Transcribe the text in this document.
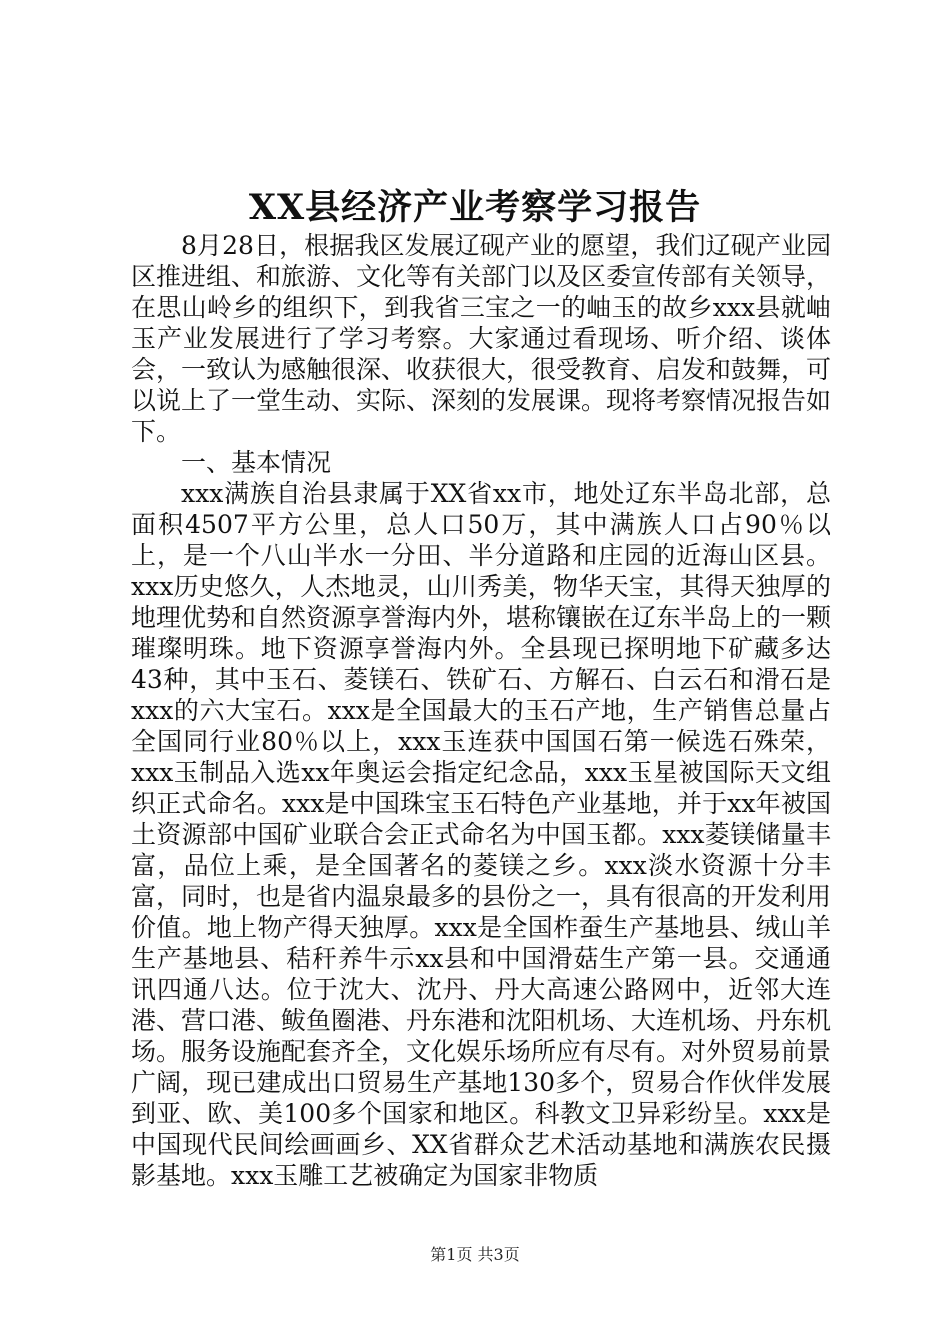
XX县经济产业考察学习报告

8月28日，根据我区发展辽砚产业的愿望，我们辽砚产业园区推进组、和旅游、文化等有关部门以及区委宣传部有关领导，在思山岭乡的组织下，到我省三宝之一的岫玉的故乡xxx县就岫玉产业发展进行了学习考察。大家通过看现场、听介绍、谈体会，一致认为感触很深、收获很大，很受教育、启发和鼓舞，可以说上了一堂生动、实际、深刻的发展课。现将考察情况报告如下。

一、基本情况

xxx满族自治县隶属于XX省xx市，地处辽东半岛北部，总面积4507平方公里，总人口50万，其中满族人口占90％以上，是一个八山半水一分田、半分道路和庄园的近海山区县。xxx历史悠久，人杰地灵，山川秀美，物华天宝，其得天独厚的地理优势和自然资源享誉海内外，堪称镶嵌在辽东半岛上的一颗璀璨明珠。地下资源享誉海内外。全县现已探明地下矿藏多达43种，其中玉石、菱镁石、铁矿石、方解石、白云石和滑石是xxx的六大宝石。xxx是全国最大的玉石产地，生产销售总量占全国同行业80％以上，xxx玉连获中国国石第一候选石殊荣，xxx玉制品入选xx年奥运会指定纪念品，xxx玉星被国际天文组织正式命名。xxx是中国珠宝玉石特色产业基地，并于xx年被国土资源部中国矿业联合会正式命名为中国玉都。xxx菱镁储量丰富，品位上乘，是全国著名的菱镁之乡。xxx淡水资源十分丰富，同时，也是省内温泉最多的县份之一，具有很高的开发利用价值。地上物产得天独厚。xxx是全国柞蚕生产基地县、绒山羊生产基地县、秸秆养牛示xx县和中国滑菇生产第一县。交通通讯四通八达。位于沈大、沈丹、丹大高速公路网中，近邻大连港、营口港、鲅鱼圈港、丹东港和沈阳机场、大连机场、丹东机场。服务设施配套齐全，文化娱乐场所应有尽有。对外贸易前景广阔，现已建成出口贸易生产基地130多个，贸易合作伙伴发展到亚、欧、美100多个国家和地区。科教文卫异彩纷呈。xxx是中国现代民间绘画画乡、XX省群众艺术活动基地和满族农民摄影基地。xxx玉雕工艺被确定为国家非物质

第1页 共3页
